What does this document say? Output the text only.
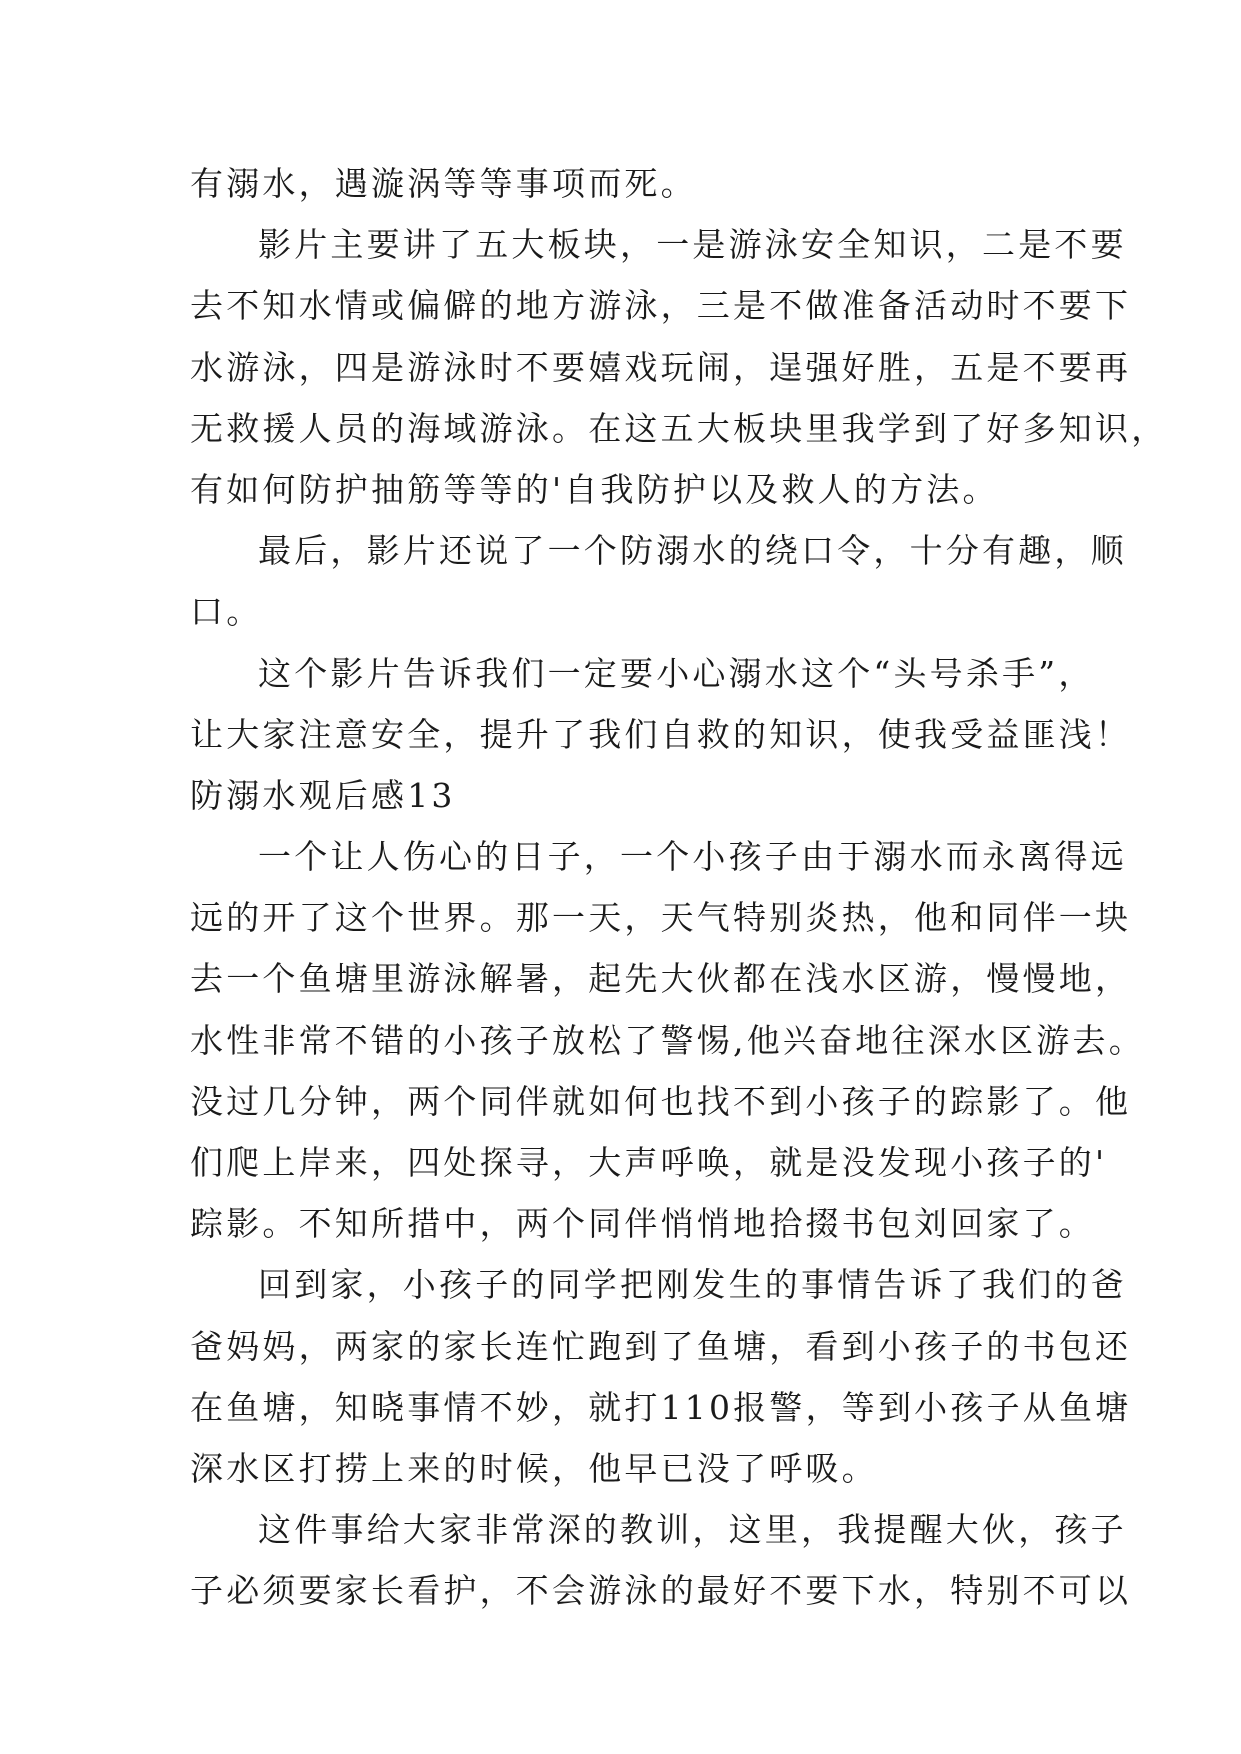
有溺水，遇漩涡等等事项而死。
影片主要讲了五大板块，一是游泳安全知识，二是不要
去不知水情或偏僻的地方游泳，三是不做准备活动时不要下
水游泳，四是游泳时不要嬉戏玩闹，逞强好胜，五是不要再
无救援人员的海域游泳。在这五大板块里我学到了好多知识，
有如何防护抽筋等等的'自我防护以及救人的方法。
最后，影片还说了一个防溺水的绕口令，十分有趣，顺
口。
这个影片告诉我们一定要小心溺水这个“头号杀手”，
让大家注意安全，提升了我们自救的知识，使我受益匪浅！
防溺水观后感13
一个让人伤心的日子，一个小孩子由于溺水而永离得远
远的开了这个世界。那一天，天气特别炎热，他和同伴一块
去一个鱼塘里游泳解暑，起先大伙都在浅水区游，慢慢地，
水性非常不错的小孩子放松了警惕,他兴奋地往深水区游去。
没过几分钟，两个同伴就如何也找不到小孩子的踪影了。他
们爬上岸来，四处探寻，大声呼唤，就是没发现小孩子的'
踪影。不知所措中，两个同伴悄悄地拾掇书包刘回家了。
回到家，小孩子的同学把刚发生的事情告诉了我们的爸
爸妈妈，两家的家长连忙跑到了鱼塘，看到小孩子的书包还
在鱼塘，知晓事情不妙，就打110报警，等到小孩子从鱼塘
深水区打捞上来的时候，他早已没了呼吸。
这件事给大家非常深的教训，这里，我提醒大伙，孩子
子必须要家长看护，不会游泳的最好不要下水，特别不可以
